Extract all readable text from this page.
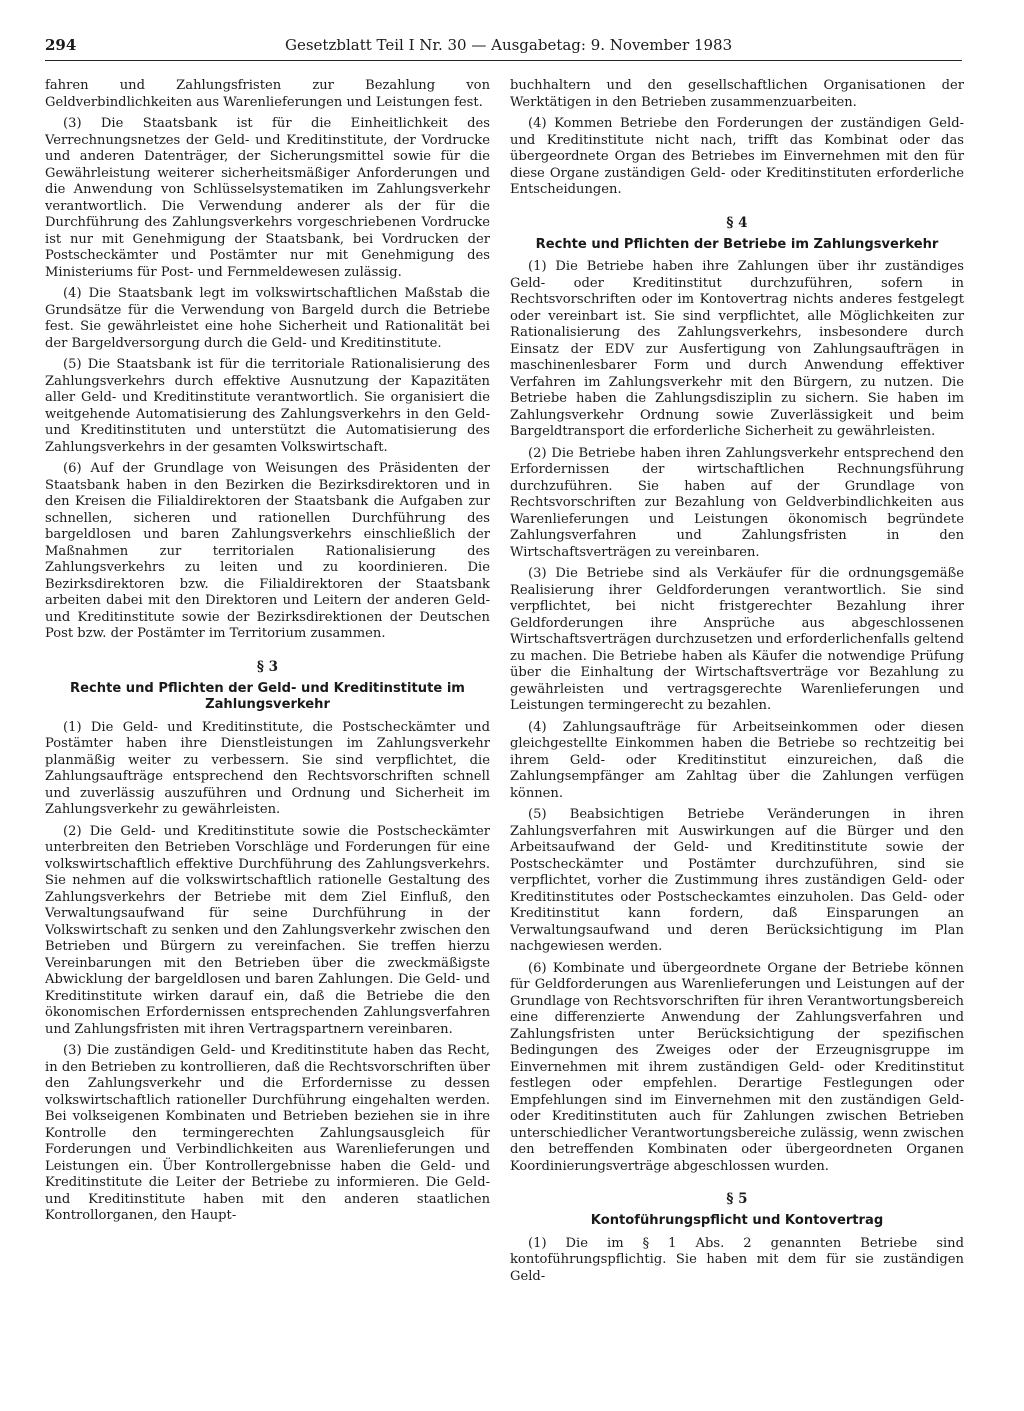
294	Gesetzblatt Teil I Nr. 30 — Ausgabetag: 9. November 1983

fahren und Zahlungsfristen zur Bezahlung von Geldverbindlichkeiten aus Warenlieferungen und Leistungen fest.

(3) Die Staatsbank ist für die Einheitlichkeit des Verrechnungsnetzes der Geld- und Kreditinstitute, der Vordrucke und anderen Datenträger, der Sicherungsmittel sowie für die Gewährleistung weiterer sicherheitsmäßiger Anforderungen und die Anwendung von Schlüsselsystematiken im Zahlungsverkehr verantwortlich. Die Verwendung anderer als der für die Durchführung des Zahlungsverkehrs vorgeschriebenen Vordrucke ist nur mit Genehmigung der Staatsbank, bei Vordrucken der Postscheckämter und Postämter nur mit Genehmigung des Ministeriums für Post- und Fernmeldewesen zulässig.

(4) Die Staatsbank legt im volkswirtschaftlichen Maßstab die Grundsätze für die Verwendung von Bargeld durch die Betriebe fest. Sie gewährleistet eine hohe Sicherheit und Rationalität bei der Bargeldversorgung durch die Geld- und Kreditinstitute.

(5) Die Staatsbank ist für die territoriale Rationalisierung des Zahlungsverkehrs durch effektive Ausnutzung der Kapazitäten aller Geld- und Kreditinstitute verantwortlich. Sie organisiert die weitgehende Automatisierung des Zahlungsverkehrs in den Geld- und Kreditinstituten und unterstützt die Automatisierung des Zahlungsverkehrs in der gesamten Volkswirtschaft.

(6) Auf der Grundlage von Weisungen des Präsidenten der Staatsbank haben in den Bezirken die Bezirksdirektoren und in den Kreisen die Filialdirektoren der Staatsbank die Aufgaben zur schnellen, sicheren und rationellen Durchführung des bargeldlosen und baren Zahlungsverkehrs einschließlich der Maßnahmen zur territorialen Rationalisierung des Zahlungsverkehrs zu leiten und zu koordinieren. Die Bezirksdirektoren bzw. die Filialdirektoren der Staatsbank arbeiten dabei mit den Direktoren und Leitern der anderen Geld- und Kreditinstitute sowie der Bezirksdirektionen der Deutschen Post bzw. der Postämter im Territorium zusammen.

§ 3
Rechte und Pflichten der Geld- und Kreditinstitute im Zahlungsverkehr

(1) Die Geld- und Kreditinstitute, die Postscheckämter und Postämter haben ihre Dienstleistungen im Zahlungsverkehr planmäßig weiter zu verbessern. Sie sind verpflichtet, die Zahlungsaufträge entsprechend den Rechtsvorschriften schnell und zuverlässig auszuführen und Ordnung und Sicherheit im Zahlungsverkehr zu gewährleisten.

(2) Die Geld- und Kreditinstitute sowie die Postscheckämter unterbreiten den Betrieben Vorschläge und Forderungen für eine volkswirtschaftlich effektive Durchführung des Zahlungsverkehrs. Sie nehmen auf die volkswirtschaftlich rationelle Gestaltung des Zahlungsverkehrs der Betriebe mit dem Ziel Einfluß, den Verwaltungsaufwand für seine Durchführung in der Volkswirtschaft zu senken und den Zahlungsverkehr zwischen den Betrieben und Bürgern zu vereinfachen. Sie treffen hierzu Vereinbarungen mit den Betrieben über die zweckmäßigste Abwicklung der bargeldlosen und baren Zahlungen. Die Geld- und Kreditinstitute wirken darauf ein, daß die Betriebe die den ökonomischen Erfordernissen entsprechenden Zahlungsverfahren und Zahlungsfristen mit ihren Vertragspartnern vereinbaren.

(3) Die zuständigen Geld- und Kreditinstitute haben das Recht, in den Betrieben zu kontrollieren, daß die Rechtsvorschriften über den Zahlungsverkehr und die Erfordernisse zu dessen volkswirtschaftlich rationeller Durchführung eingehalten werden. Bei volkseigenen Kombinaten und Betrieben beziehen sie in ihre Kontrolle den termingerechten Zahlungsausgleich für Forderungen und Verbindlichkeiten aus Warenlieferungen und Leistungen ein. Über Kontrollergebnisse haben die Geld- und Kreditinstitute die Leiter der Betriebe zu informieren. Die Geld- und Kreditinstitute haben mit den anderen staatlichen Kontrollorganen, den Haupt-

buchhaltern und den gesellschaftlichen Organisationen der Werktätigen in den Betrieben zusammenzuarbeiten.

(4) Kommen Betriebe den Forderungen der zuständigen Geld- und Kreditinstitute nicht nach, trifft das Kombinat oder das übergeordnete Organ des Betriebes im Einvernehmen mit den für diese Organe zuständigen Geld- oder Kreditinstituten erforderliche Entscheidungen.

§ 4
Rechte und Pflichten der Betriebe im Zahlungsverkehr

(1) Die Betriebe haben ihre Zahlungen über ihr zuständiges Geld- oder Kreditinstitut durchzuführen, sofern in Rechtsvorschriften oder im Kontovertrag nichts anderes festgelegt oder vereinbart ist. Sie sind verpflichtet, alle Möglichkeiten zur Rationalisierung des Zahlungsverkehrs, insbesondere durch Einsatz der EDV zur Ausfertigung von Zahlungsaufträgen in maschinenlesbarer Form und durch Anwendung effektiver Verfahren im Zahlungsverkehr mit den Bürgern, zu nutzen. Die Betriebe haben die Zahlungsdisziplin zu sichern. Sie haben im Zahlungsverkehr Ordnung sowie Zuverlässigkeit und beim Bargeldtransport die erforderliche Sicherheit zu gewährleisten.

(2) Die Betriebe haben ihren Zahlungsverkehr entsprechend den Erfordernissen der wirtschaftlichen Rechnungsführung durchzuführen. Sie haben auf der Grundlage von Rechtsvorschriften zur Bezahlung von Geldverbindlichkeiten aus Warenlieferungen und Leistungen ökonomisch begründete Zahlungsverfahren und Zahlungsfristen in den Wirtschaftsverträgen zu vereinbaren.

(3) Die Betriebe sind als Verkäufer für die ordnungsgemäße Realisierung ihrer Geldforderungen verantwortlich. Sie sind verpflichtet, bei nicht fristgerechter Bezahlung ihrer Geldforderungen ihre Ansprüche aus abgeschlossenen Wirtschaftsverträgen durchzusetzen und erforderlichenfalls geltend zu machen. Die Betriebe haben als Käufer die notwendige Prüfung über die Einhaltung der Wirtschaftsverträge vor Bezahlung zu gewährleisten und vertragsgerechte Warenlieferungen und Leistungen termingerecht zu bezahlen.

(4) Zahlungsaufträge für Arbeitseinkommen oder diesen gleichgestellte Einkommen haben die Betriebe so rechtzeitig bei ihrem Geld- oder Kreditinstitut einzureichen, daß die Zahlungsempfänger am Zahltag über die Zahlungen verfügen können.

(5) Beabsichtigen Betriebe Veränderungen in ihren Zahlungsverfahren mit Auswirkungen auf die Bürger und den Arbeitsaufwand der Geld- und Kreditinstitute sowie der Postscheckämter und Postämter durchzuführen, sind sie verpflichtet, vorher die Zustimmung ihres zuständigen Geld- oder Kreditinstitutes oder Postscheckamtes einzuholen. Das Geld- oder Kreditinstitut kann fordern, daß Einsparungen an Verwaltungsaufwand und deren Berücksichtigung im Plan nachgewiesen werden.

(6) Kombinate und übergeordnete Organe der Betriebe können für Geldforderungen aus Warenlieferungen und Leistungen auf der Grundlage von Rechtsvorschriften für ihren Verantwortungsbereich eine differenzierte Anwendung der Zahlungsverfahren und Zahlungsfristen unter Berücksichtigung der spezifischen Bedingungen des Zweiges oder der Erzeugnisgruppe im Einvernehmen mit ihrem zuständigen Geld- oder Kreditinstitut festlegen oder empfehlen. Derartige Festlegungen oder Empfehlungen sind im Einvernehmen mit den zuständigen Geld- oder Kreditinstituten auch für Zahlungen zwischen Betrieben unterschiedlicher Verantwortungsbereiche zulässig, wenn zwischen den betreffenden Kombinaten oder übergeordneten Organen Koordinierungsverträge abgeschlossen wurden.

§ 5
Kontoführungspflicht und Kontovertrag

(1) Die im § 1 Abs. 2 genannten Betriebe sind kontoführungspflichtig. Sie haben mit dem für sie zuständigen Geld-
